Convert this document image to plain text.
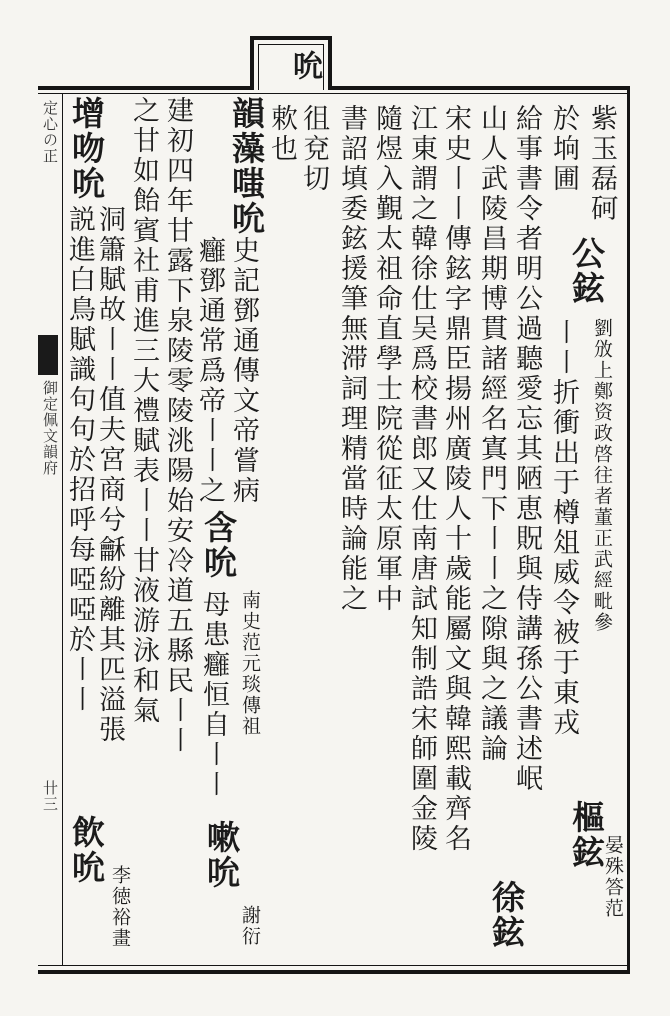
吮
徂兗切
欶也	紫玉磊砢
公鉉
劉攽上鄭资政啓往者董正武經毗參
於垧圃
〡〡折衝出于樽俎威令被于東戎
給事書令者明公過聽愛忘其陋恵貺與侍講孫公書述岷
樞鉉
晏殊答范
山人武陵昌期博貫諸經名寘門下〡〡之隙與之議論
徐鉉
宋史〡〡傳鉉字鼎臣揚州廣陵人十歲能屬文與韓熙載齊名
江東謂之韓徐仕吴爲校書郎又仕南唐試知制誥宋師圍金陵
隨煜入覲太祖命直學士院從征太原軍中
書詔填委鉉援筆無滞詞理精當時論能之
韻藻嗤吮
史記鄧通傳文帝嘗病
癰鄧通常爲帝〡〡之
含吮
南史范元琰傳祖
母患癰恒自〡〡
嗽吮
謝衍
建初四年甘露下泉陵零陵洮陽始安冷道五縣民〡〡
之甘如飴賓社甫進三大禮賦表〡〡甘液游泳和氣
增吻吮
洞簫賦故〡〡值夫宮商兮龢紛離其匹溢張
飲吮
李徳裕畫
説進白鳥賦識句句於招呼每啞啞於〡〡
定心の正
御定佩文韻府
卄三
